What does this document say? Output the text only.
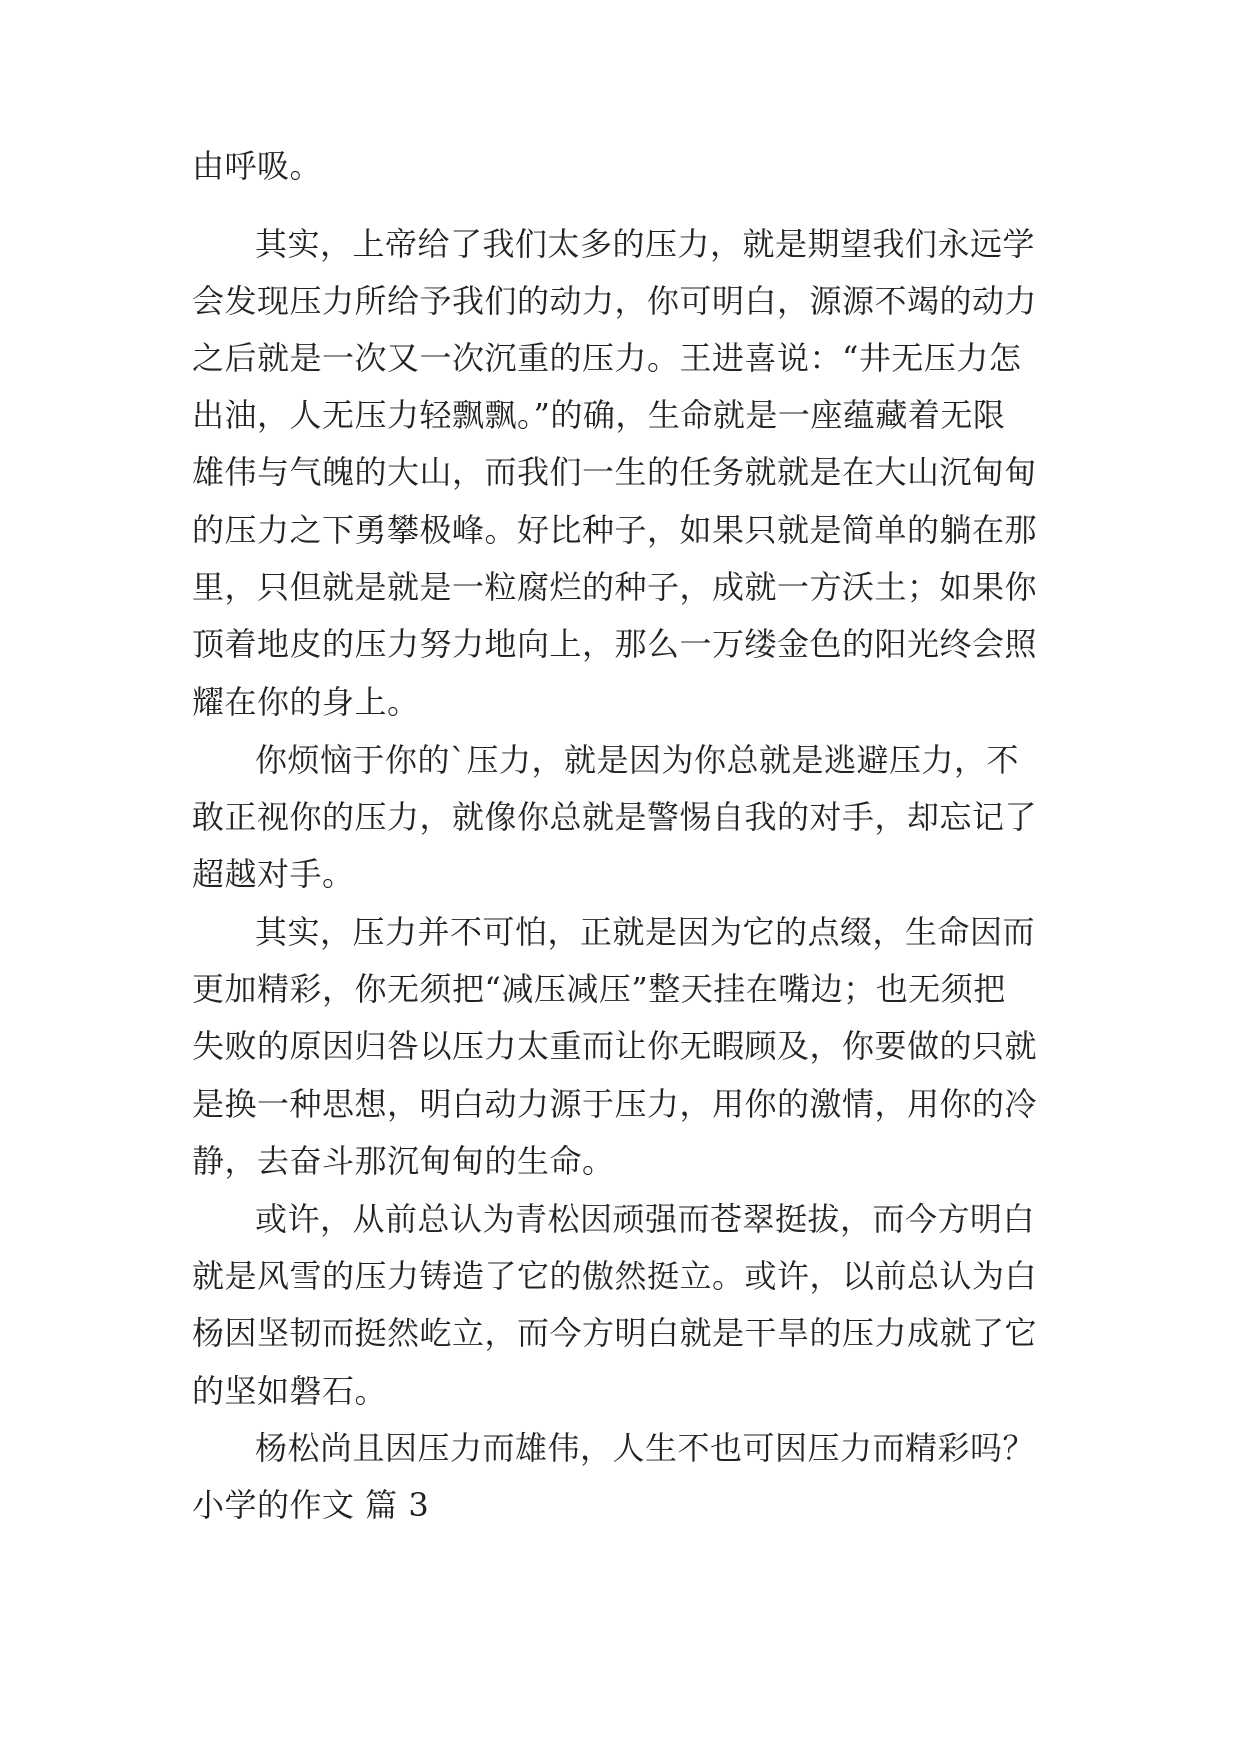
由呼吸。
其实，上帝给了我们太多的压力，就是期望我们永远学
会发现压力所给予我们的动力，你可明白，源源不竭的动力
之后就是一次又一次沉重的压力。王进喜说：“井无压力怎
出油，人无压力轻飘飘。”的确，生命就是一座蕴藏着无限
雄伟与气魄的大山，而我们一生的任务就就是在大山沉甸甸
的压力之下勇攀极峰。好比种子，如果只就是简单的躺在那
里，只但就是就是一粒腐烂的种子，成就一方沃土；如果你
顶着地皮的压力努力地向上，那么一万缕金色的阳光终会照
耀在你的身上。
你烦恼于你的`压力，就是因为你总就是逃避压力，不
敢正视你的压力，就像你总就是警惕自我的对手，却忘记了
超越对手。
其实，压力并不可怕，正就是因为它的点缀，生命因而
更加精彩，你无须把“减压减压”整天挂在嘴边；也无须把
失败的原因归咎以压力太重而让你无暇顾及，你要做的只就
是换一种思想，明白动力源于压力，用你的激情，用你的冷
静，去奋斗那沉甸甸的生命。
或许，从前总认为青松因顽强而苍翠挺拔，而今方明白
就是风雪的压力铸造了它的傲然挺立。或许，以前总认为白
杨因坚韧而挺然屹立，而今方明白就是干旱的压力成就了它
的坚如磐石。
杨松尚且因压力而雄伟，人生不也可因压力而精彩吗？
小学的作文 篇 3
